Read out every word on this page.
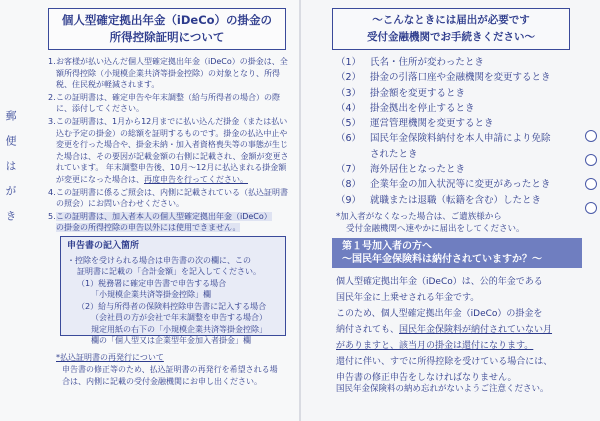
郵便はがき
個人型確定拠出年金（iDeCo）の掛金の
所得控除証明について
1. お客様が払い込んだ個人型確定拠出年金（iDeCo）の掛金は、全額所得控除（小規模企業共済等掛金控除）の対象となり、所得税、住民税が軽減されます。
2. この証明書は、確定申告や年末調整（給与所得者の場合）の際に、添付してください。
3. この証明書は、1月から12月までに払い込んだ掛金（または払い込む予定の掛金）の総額を証明するものです。掛金の払込中止や変更を行った場合や、掛金未納・加入者資格喪失等の事態が生じた場合は、その要因が記載金額の右側に記載され、金額が変更されています。 年末調整申告後、10月〜12月に払込まれる掛金額が変更になった場合は、再度申告を行ってください。
4. この証明書に係るご照会は、内側に記載されている（払込証明書の照会）にお問い合わせください。
5. この証明書は、加入者本人の個人型確定拠出年金（iDeCo）
の掛金の所得控除の申告以外には使用できません。
申告書の記入箇所
・控除を受けられる場合は申告書の次の欄に、この
証明書に記載の「合計金額」を記入してください。
（1）税務署に確定申告書で申告する場合
「小規模企業共済等掛金控除」欄
（2）給与所得者の保険料控除申告書に記入する場合
（会社員の方が会社で年末調整を申告する場合）
規定用紙の右下の「小規模企業共済等掛金控除」
欄の「個人型又は企業型年金加入者掛金」欄
*払込証明書の再発行について
申告書の修正等のため、払込証明書の再発行を希望される場
合は、内側に記載の受付金融機関にお申し出ください。
〜こんなときには届出が必要です
受付金融機関でお手続きください〜
（1） 氏名・住所が変わったとき
（2） 掛金の引落口座や金融機関を変更するとき
（3） 掛金額を変更するとき
（4） 掛金拠出を停止するとき
（5） 運営管理機関を変更するとき
（6） 国民年金保険料納付を本人申請により免除
されたとき
（7） 海外居住となったとき
（8） 企業年金の加入状況等に変更があったとき
（9） 就職または退職（転籍を含む）したとき
*加入者がなくなった場合は、ご遺族様から
受付金融機関へ速やかに届出をしてください。
第１号加入者の方へ
〜国民年金保険料は納付されていますか？〜
個人型確定拠出年金（iDeCo）は、公的年金である
国民年金に上乗せされる年金です。
このため、個人型確定拠出年金（iDeCo）の掛金を
納付されても、国民年金保険料が納付されていない月
がありますと、該当月の掛金は還付になります。
還付に伴い、すでに所得控除を受けている場合には、
申告書の修正申告をしなければなりません。
国民年金保険料の納め忘れがないようご注意ください。
